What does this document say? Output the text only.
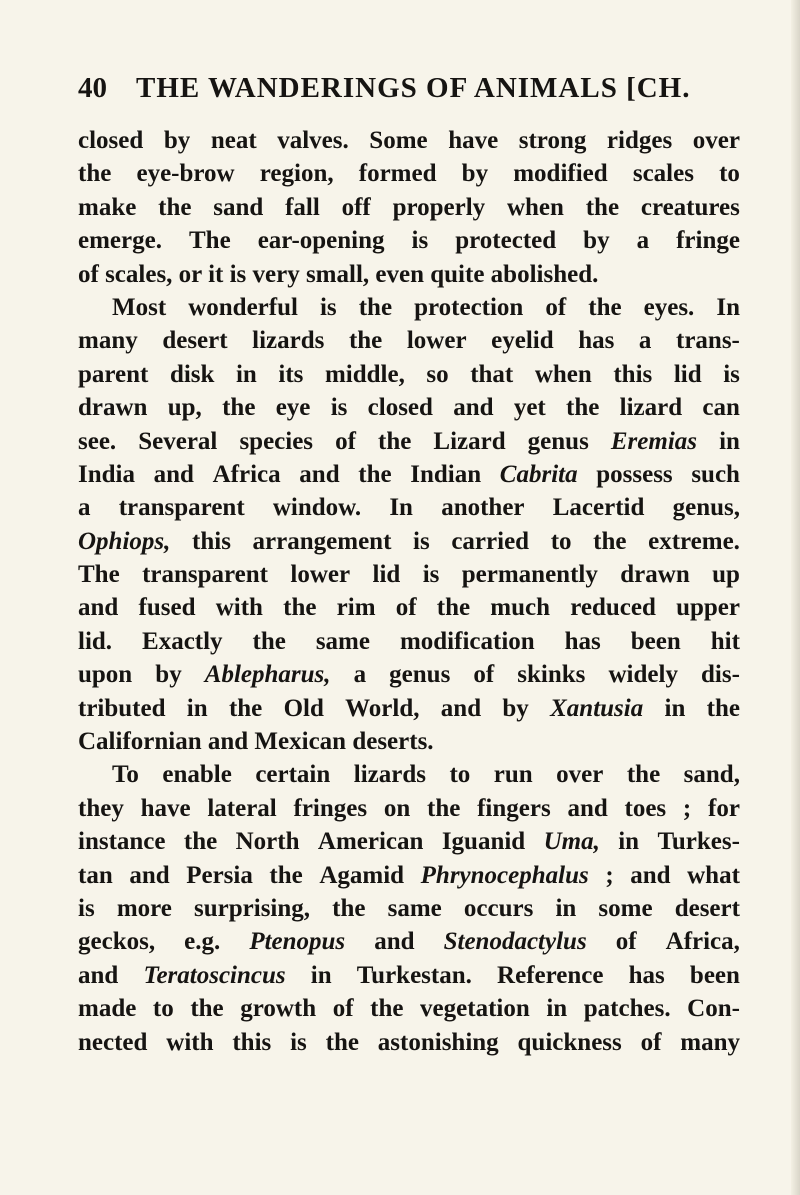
40 THE WANDERINGS OF ANIMALS [CH.
closed by neat valves. Some have strong ridges over
the eye-brow region, formed by modified scales to
make the sand fall off properly when the creatures
emerge. The ear-opening is protected by a fringe
of scales, or it is very small, even quite abolished.
Most wonderful is the protection of the eyes. In
many desert lizards the lower eyelid has a trans-
parent disk in its middle, so that when this lid is
drawn up, the eye is closed and yet the lizard can
see. Several species of the Lizard genus Eremias in
India and Africa and the Indian Cabrita possess such
a transparent window. In another Lacertid genus,
Ophiops, this arrangement is carried to the extreme.
The transparent lower lid is permanently drawn up
and fused with the rim of the much reduced upper
lid. Exactly the same modification has been hit
upon by Ablepharus, a genus of skinks widely dis-
tributed in the Old World, and by Xantusia in the
Californian and Mexican deserts.
To enable certain lizards to run over the sand,
they have lateral fringes on the fingers and toes ; for
instance the North American Iguanid Uma, in Turkes-
tan and Persia the Agamid Phrynocephalus ; and what
is more surprising, the same occurs in some desert
geckos, e.g. Ptenopus and Stenodactylus of Africa,
and Teratoscincus in Turkestan. Reference has been
made to the growth of the vegetation in patches. Con-
nected with this is the astonishing quickness of many
